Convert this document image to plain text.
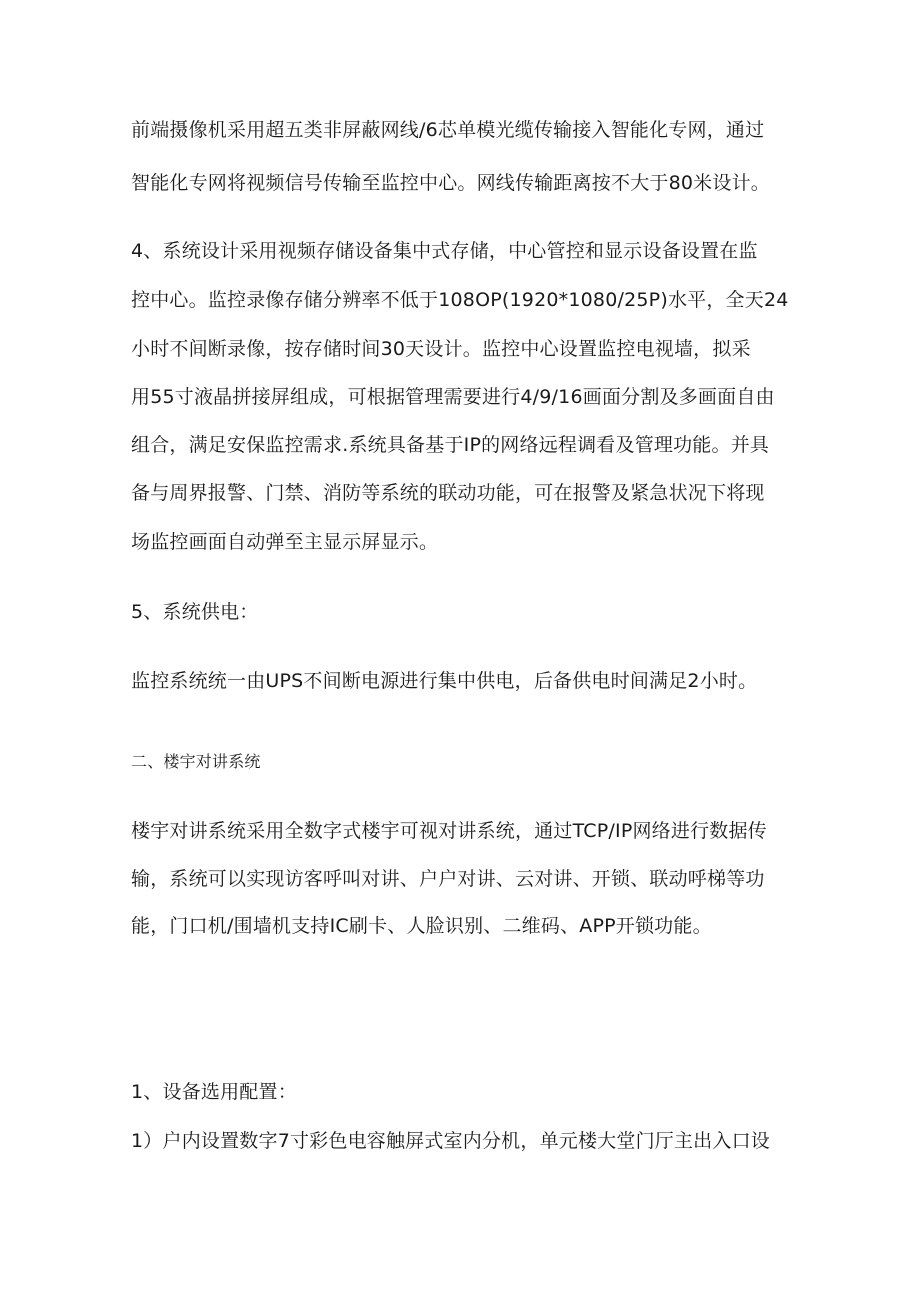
前端摄像机采用超五类非屏蔽网线/6芯单模光缆传输接入智能化专网，通过
智能化专网将视频信号传输至监控中心。网线传输距离按不大于80米设计。
4、系统设计采用视频存储设备集中式存储，中心管控和显示设备设置在监
控中心。监控录像存储分辨率不低于108OP(1920*1080∕25P)水平，全天24
小时不间断录像，按存储时间30天设计。监控中心设置监控电视墙，拟采
用55寸液晶拼接屏组成，可根据管理需要进行4/9/16画面分割及多画面自由
组合，满足安保监控需求.系统具备基于IP的网络远程调看及管理功能。并具
备与周界报警、门禁、消防等系统的联动功能，可在报警及紧急状况下将现
场监控画面自动弹至主显示屏显示。
5、系统供电：
监控系统统一由UPS不间断电源进行集中供电，后备供电时间满足2小时。
二、楼宇对讲系统
楼宇对讲系统采用全数字式楼宇可视对讲系统，通过TCP/IP网络进行数据传
输，系统可以实现访客呼叫对讲、户户对讲、云对讲、开锁、联动呼梯等功
能，门口机/围墙机支持IC刷卡、人脸识别、二维码、APP开锁功能。
1、设备选用配置：
1）户内设置数字7寸彩色电容触屏式室内分机，单元楼大堂门厅主出入口设
